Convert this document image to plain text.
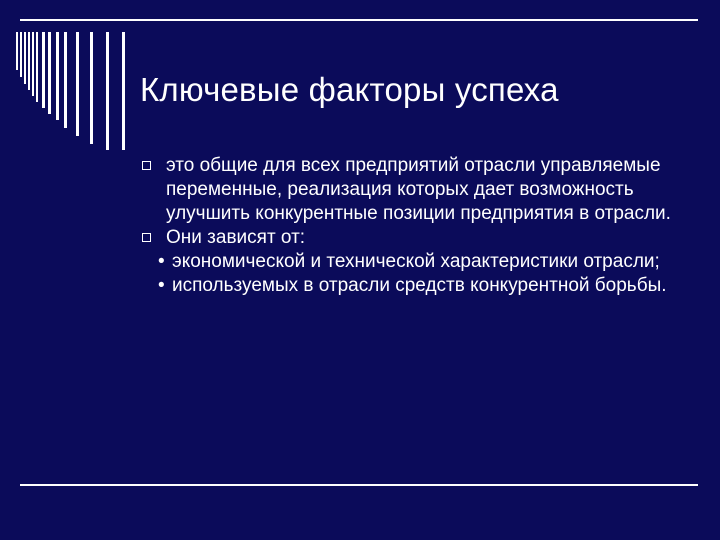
Ключевые факторы успеха
это общие для всех предприятий отрасли управляемые переменные, реализация которых дает возможность улучшить конкурентные позиции предприятия в отрасли.
Они зависят от:
• экономической и технической характеристики отрасли;
• используемых в отрасли средств конкурентной борьбы.
